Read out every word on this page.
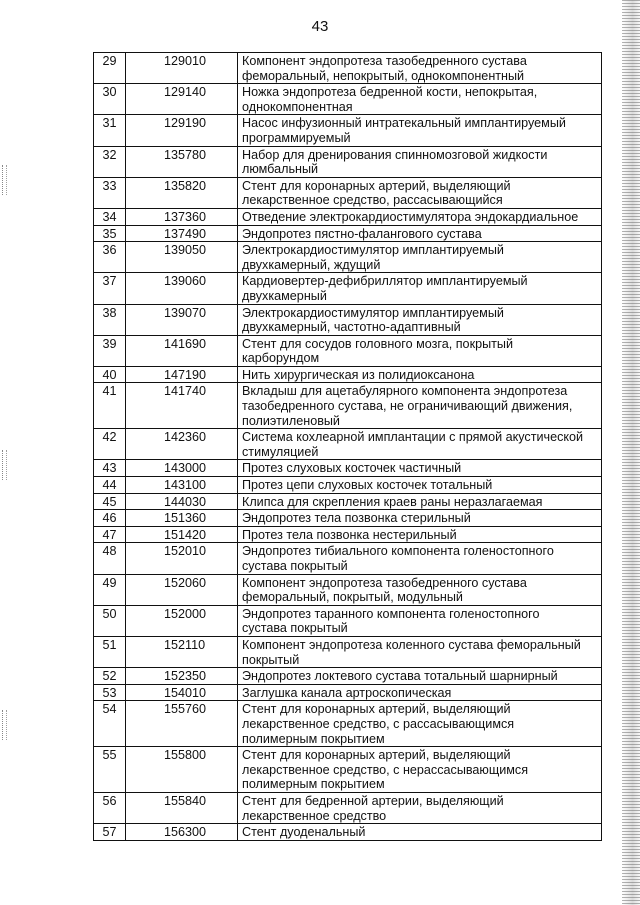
43
29	129010	Компонент эндопротеза тазобедренного сустава
феморальный, непокрытый, однокомпонентный
30	129140	Ножка эндопротеза бедренной кости, непокрытая,
однокомпонентная
31	129190	Насос инфузионный интратекальный имплантируемый
программируемый
32	135780	Набор для дренирования спинномозговой жидкости
люмбальный
33	135820	Стент для коронарных артерий, выделяющий
лекарственное средство, рассасывающийся
34	137360	Отведение электрокардиостимулятора эндокардиальное
35	137490	Эндопротез пястно-фалангового сустава
36	139050	Электрокардиостимулятор имплантируемый
двухкамерный, ждущий
37	139060	Кардиовертер-дефибриллятор имплантируемый
двухкамерный
38	139070	Электрокардиостимулятор имплантируемый
двухкамерный, частотно-адаптивный
39	141690	Стент для сосудов головного мозга, покрытый
карборундом
40	147190	Нить хирургическая из полидиоксанона
41	141740	Вкладыш для ацетабулярного компонента эндопротеза
тазобедренного сустава, не ограничивающий движения,
полиэтиленовый
42	142360	Система кохлеарной имплантации с прямой акустической
стимуляцией
43	143000	Протез слуховых косточек частичный
44	143100	Протез цепи слуховых косточек тотальный
45	144030	Клипса для скрепления краев раны неразлагаемая
46	151360	Эндопротез тела позвонка стерильный
47	151420	Протез тела позвонка нестерильный
48	152010	Эндопротез тибиального компонента голеностопного
сустава покрытый
49	152060	Компонент эндопротеза тазобедренного сустава
феморальный, покрытый, модульный
50	152000	Эндопротез таранного компонента голеностопного
сустава покрытый
51	152110	Компонент эндопротеза коленного сустава феморальный
покрытый
52	152350	Эндопротез локтевого сустава тотальный шарнирный
53	154010	Заглушка канала артроскопическая
54	155760	Стент для коронарных артерий, выделяющий
лекарственное средство, с рассасывающимся
полимерным покрытием
55	155800	Стент для коронарных артерий, выделяющий
лекарственное средство, с нерассасывающимся
полимерным покрытием
56	155840	Стент для бедренной артерии, выделяющий
лекарственное средство
57	156300	Стент дуоденальный
